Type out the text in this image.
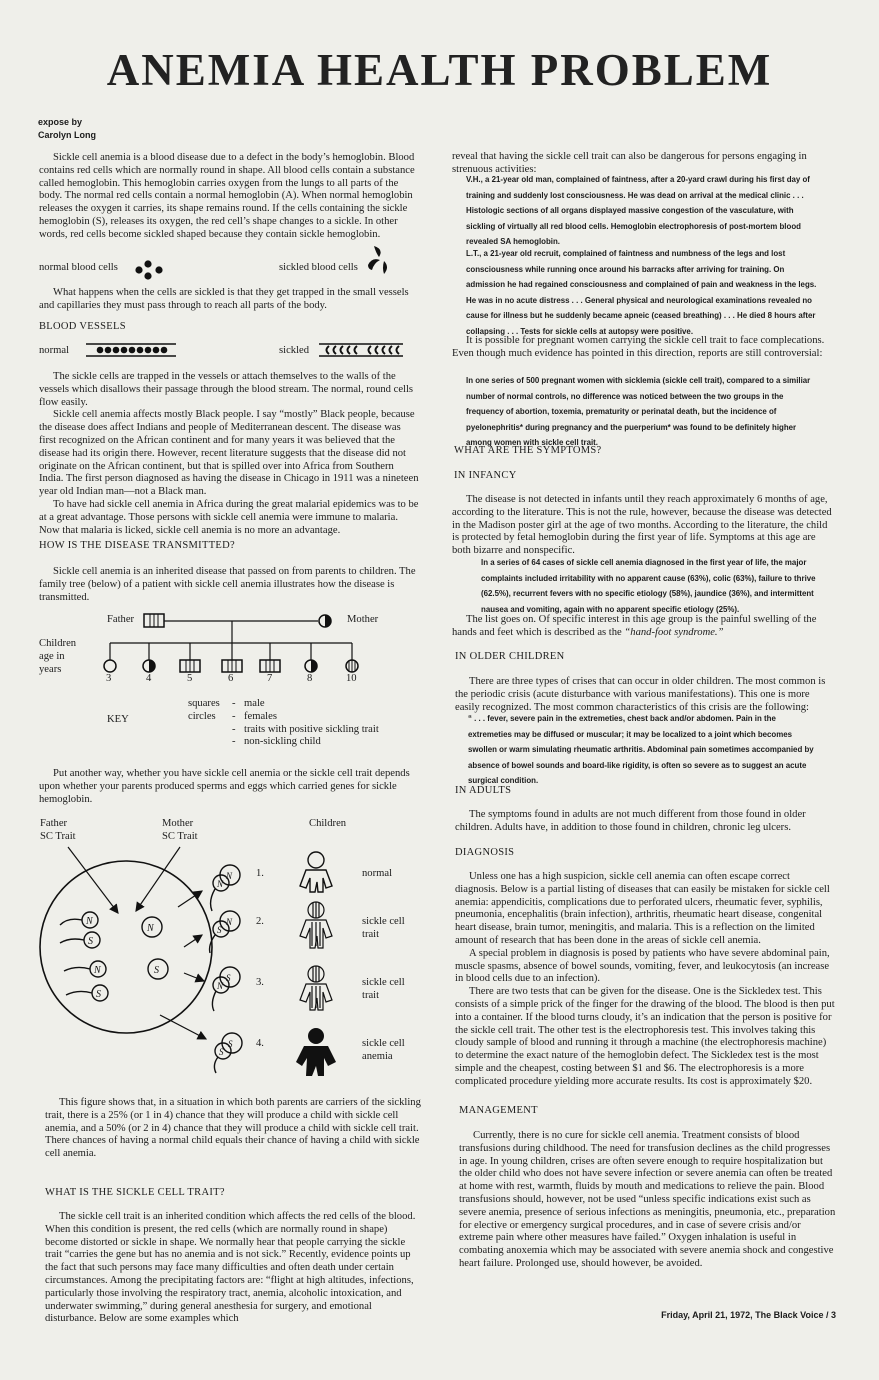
ANEMIA HEALTH PROBLEM
expose by
Carolyn Long

Sickle cell anemia is a blood disease due to a defect in the body’s hemoglobin. Blood contains red cells which are normally round in shape. All blood cells contain a substance called hemoglobin. This hemoglobin carries oxygen from the lungs to all parts of the body. The normal red cells contain a normal hemoglobin (A). When normal hemoglobin releases the oxygen it carries, its shape remains round. If the cells containing the sickle hemoglobin (S), releases its oxygen, the red cell’s shape changes to a sickle. In other words, red cells become sickled shaped because they contain sickle hemoglobin.

normal blood cells	sickled blood cells

What happens when the cells are sickled is that they get trapped in the small vessels and capillaries they must pass through to reach all parts of the body.

BLOOD VESSELS
normal	sickled

The sickle cells are trapped in the vessels or attach themselves to the walls of the vessels which disallows their passage through the blood stream. The normal, round cells flow easily.

Sickle cell anemia affects mostly Black people. I say “mostly” Black people, because the disease does affect Indians and people of Mediterranean descent. The disease was first recognized on the African continent and for many years it was believed that the disease had its origin there. However, recent literature suggests that the disease did not originate on the African continent, but that is spilled over into Africa from Southern India. The first person diagnosed as having the disease in Chicago in 1911 was a nineteen year old Indian man—not a Black man.

To have had sickle cell anemia in Africa during the great malarial epidemics was to be at a great advantage. Those persons with sickle cell anemia were immune to malaria. Now that malaria is licked, sickle cell anemia is no more an advantage.

HOW IS THE DISEASE TRANSMITTED?

Sickle cell anemia is an inherited disease that passed on from parents to children. The family tree (below) of a patient with sickle cell anemia illustrates how the disease is transmitted.

Father	Mother
Children
age in
years
3	4	5	6	7	8	10
KEY
squares - male
circles - females
- traits with positive sickling trait
- non-sickling child

Put another way, whether you have sickle cell anemia or the sickle cell trait depends upon whether your parents produced sperms and eggs which carried genes for sickle hemoglobin.

Father
SC Trait
Mother
SC Trait
Children
N
S
N
S
N
S
N
N
N
S
S
N
S
S
1.
2.
3.
4.
normal
sickle cell
trait
sickle cell
trait
sickle cell
anemia

This figure shows that, in a situation in which both parents are carriers of the sickling trait, there is a 25% (or 1 in 4) chance that they will produce a child with sickle cell anemia, and a 50% (or 2 in 4) chance that they will produce a child with sickle cell trait. There chances of having a normal child equals their chance of having a child with sickle cell anemia.

WHAT IS THE SICKLE CELL TRAIT?

The sickle cell trait is an inherited condition which affects the red cells of the blood. When this condition is present, the red cells (which are normally round in shape) become distorted or sickle in shape. We normally hear that people carrying the sickle trait “carries the gene but has no anemia and is not sick.” Recently, evidence points up the fact that such persons may face many difficulties and often death under certain circumstances. Among the precipitating factors are: “flight at high altitudes, infections, particularly those involving the respiratory tract, anemia, alcoholic intoxication, and underwater swimming,” during general anesthesia for surgery, and emotional disturbance. Below are some examples which

reveal that having the sickle cell trait can also be dangerous for persons engaging in strenuous activities:
V.H., a 21-year old man, complained of faintness, after a 20-yard crawl during his first day of training and suddenly lost consciousness. He was dead on arrival at the medical clinic . . . Histologic sections of all organs displayed massive congestion of the vasculature, with sickling of virtually all red blood cells. Hemoglobin electrophoresis of post-mortem blood revealed SA hemoglobin.
L.T., a 21-year old recruit, complained of faintness and numbness of the legs and lost consciousness while running once around his barracks after arriving for training. On admission he had regained consciousness and complained of pain and weakness in the legs. He was in no acute distress . . . General physical and neurological examinations revealed no cause for illness but he suddenly became apneic (ceased breathing) . . . He died 8 hours after collapsing . . . Tests for sickle cells at autopsy were positive.

It is possible for pregnant women carrying the sickle cell trait to face complecations. Even though much evidence has pointed in this direction, reports are still controversial:

In one series of 500 pregnant women with sicklemia (sickle cell trait), compared to a similiar number of normal controls, no difference was noticed between the two groups in the frequency of abortion, toxemia, prematurity or perinatal death, but the incidence of pyelonephritis* during pregnancy and the puerperium* was found to be definitely higher among women with sickle cell trait.
WHAT ARE THE SYMPTOMS?
IN INFANCY

The disease is not detected in infants until they reach approximately 6 months of age, according to the literature. This is not the rule, however, because the disease was detected in the Madison poster girl at the age of two months. According to the literature, the child is protected by fetal hemoglobin during the first year of life. Symptoms at this age are both bizarre and nonspecific.

In a series of 64 cases of sickle cell anemia diagnosed in the first year of life, the major complaints included irritability with no apparent cause (63%), colic (63%), failure to thrive (62.5%), recurrent fevers with no specific etiology (58%), jaundice (36%), and intermittent nausea and vomiting, again with no apparent specific etiology (25%).

The list goes on. Of specific interest in this age group is the painful swelling of the hands and feet which is described as the “hand-foot syndrome.”

IN OLDER CHILDREN

There are three types of crises that can occur in older children. The most common is the periodic crisis (acute disturbance with various manifestations). This one is more easily recognized. The most common characteristics of this crisis are the following:

“ . . . fever, severe pain in the extremeties, chest back and/or abdomen. Pain in the extremeties may be diffused or muscular; it may be localized to a joint which becomes swollen or warm simulating rheumatic arthritis. Abdominal pain sometimes accompanied by absence of bowel sounds and board-like rigidity, is often so severe as to suggest an acute surgical condition.
IN ADULTS

The symptoms found in adults are not much different from those found in older children. Adults have, in addition to those found in children, chronic leg ulcers.

DIAGNOSIS

Unless one has a high suspicion, sickle cell anemia can often escape correct diagnosis. Below is a partial listing of diseases that can easily be mistaken for sickle cell anemia: appendicitis, complications due to perforated ulcers, rheumatic fever, syphilis, pneumonia, encephalitis (brain infection), arthritis, rheumatic heart disease, congenital heart disease, brain tumor, meningitis, and malaria. This is a reflection on the limited amount of research that has been done in the areas of sickle cell anemia.

A special problem in diagnosis is posed by patients who have severe abdominal pain, muscle spasms, absence of bowel sounds, vomiting, fever, and leukocytosis (an increase in blood cells due to an infection).

There are two tests that can be given for the disease. One is the Sickledex test. This consists of a simple prick of the finger for the drawing of the blood. The blood is then put into a container. If the blood turns cloudy, it’s an indication that the person is positive for the sickle cell trait. The other test is the electrophoresis test. This involves taking this cloudy sample of blood and running it through a machine (the electrophoresis machine) to determine the exact nature of the hemoglobin defect. The Sickledex test is the most simple and the cheapest, costing between $1 and $6. The electrophoresis is a more complicated procedure yielding more accurate results. Its cost is approximately $20.

MANAGEMENT

Currently, there is no cure for sickle cell anemia. Treatment consists of blood transfusions during childhood. The need for transfusion declines as the child progresses in age. In young children, crises are often severe enough to require hospitalization but the older child who does not have severe infection or severe anemia can often be treated at home with rest, warmth, fluids by mouth and medications to relieve the pain. Blood transfusions should, however, not be used “unless specific indications exist such as severe anemia, presence of serious infections as meningitis, pneumonia, etc., preparation for elective or emergency surgical procedures, and in case of severe crisis and/or extreme pain where other measures have failed.” Oxygen inhalation is useful in combating anoxemia which may be associated with severe anemia shock and congestive heart failure. Prolonged use, should however, be avoided.

Friday, April 21, 1972, The Black Voice / 3
